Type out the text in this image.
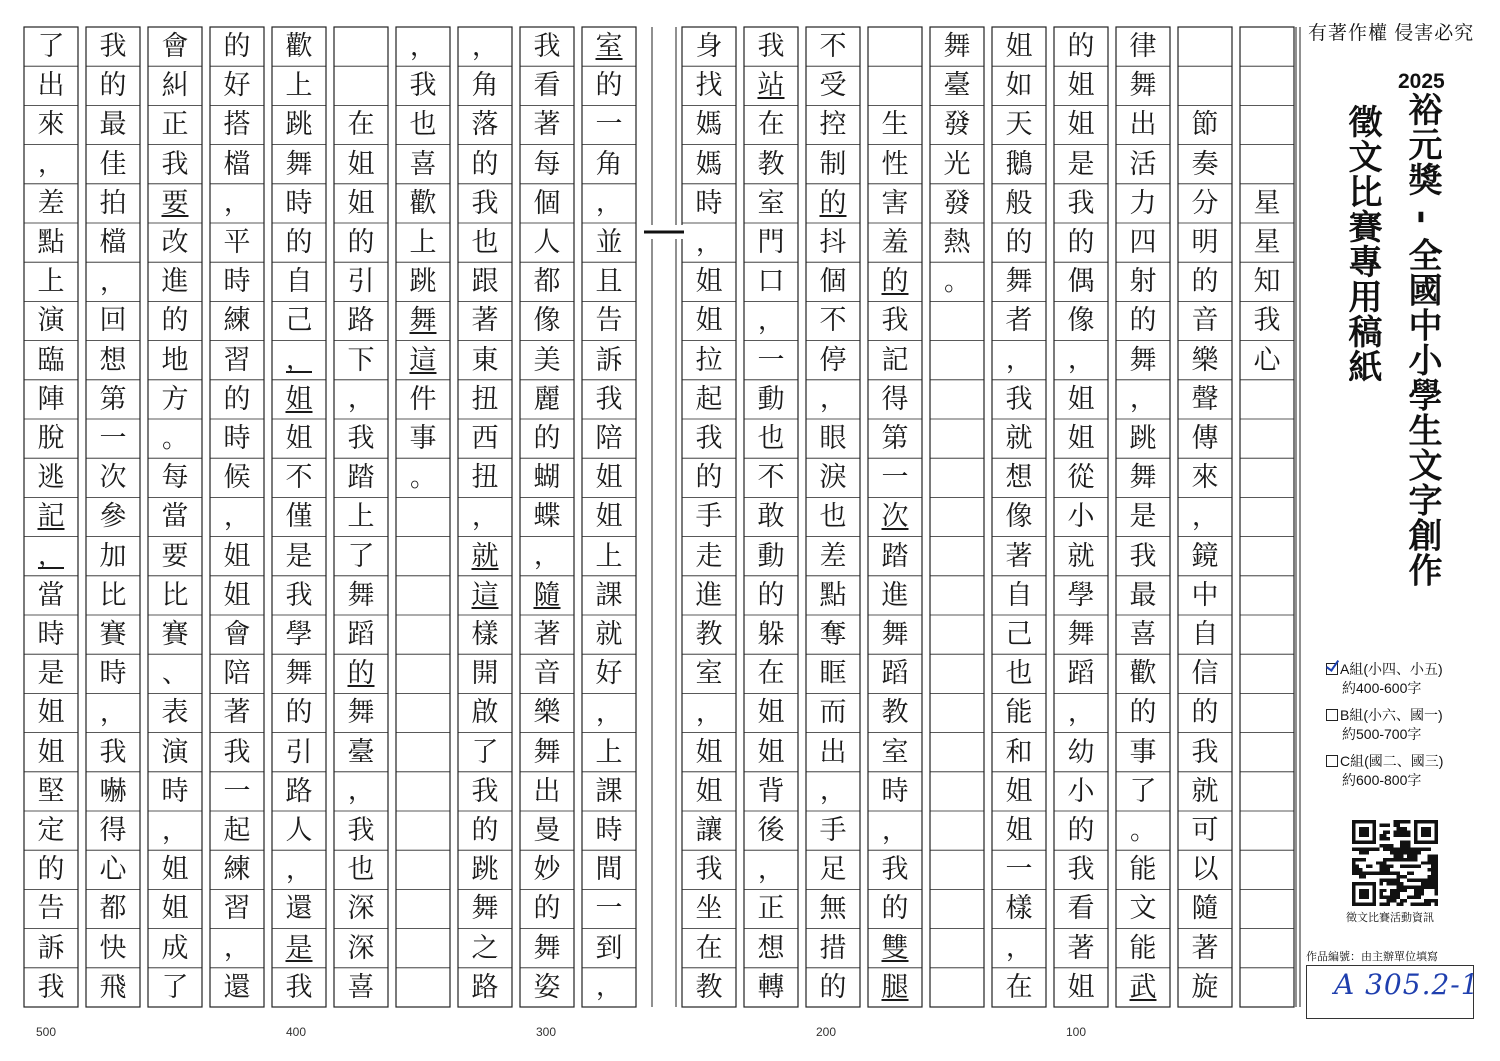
星
星
知
我
心
節
奏
分
明
的
音
樂
聲
傳
來
，
鏡
中
自
信
的
我
就
可
以
隨
著
旋
律
舞
出
活
力
四
射
的
舞
，
跳
舞
是
我
最
喜
歡
的
事
了
。
能
文
能
武
的
姐
姐
是
我
的
偶
像
，
姐
姐
從
小
就
學
舞
蹈
，
幼
小
的
我
看
著
姐
姐
如
天
鵝
般
的
舞
者
，
我
就
想
像
著
自
己
也
能
和
姐
姐
一
樣
，
在
舞
臺
發
光
發
熱
。
生
性
害
羞
的
我
記
得
第
一
次
踏
進
舞
蹈
教
室
時
，
我
的
雙
腿
不
受
控
制
的
抖
個
不
停
，
眼
淚
也
差
點
奪
眶
而
出
，
手
足
無
措
的
我
站
在
教
室
門
口
，
一
動
也
不
敢
動
的
躲
在
姐
姐
背
後
，
正
想
轉
身
找
媽
媽
時
，
姐
姐
拉
起
我
的
手
走
進
教
室
，
姐
姐
讓
我
坐
在
教
室
的
一
角
，
並
且
告
訴
我
陪
姐
姐
上
課
就
好
，
上
課
時
間
一
到
，
我
看
著
每
個
人
都
像
美
麗
的
蝴
蝶
，
隨
著
音
樂
舞
出
曼
妙
的
舞
姿
，
角
落
的
我
也
跟
著
東
扭
西
扭
，
就
這
樣
開
啟
了
我
的
跳
舞
之
路
，
我
也
喜
歡
上
跳
舞
這
件
事
。
在
姐
姐
的
引
路
下
，
我
踏
上
了
舞
蹈
的
舞
臺
，
我
也
深
深
喜
歡
上
跳
舞
時
的
自
己
，
姐
姐
不
僅
是
我
學
舞
的
引
路
人
，
還
是
我
的
好
搭
檔
，
平
時
練
習
的
時
候
，
姐
姐
會
陪
著
我
一
起
練
習
，
還
會
糾
正
我
要
改
進
的
地
方
。
每
當
要
比
賽
、
表
演
時
，
姐
姐
成
了
我
的
最
佳
拍
檔
，
回
想
第
一
次
參
加
比
賽
時
，
我
嚇
得
心
都
快
飛
了
出
來
，
差
點
上
演
臨
陣
脫
逃
記
，
當
時
是
姐
姐
堅
定
的
告
訴
我
500	400	300	200	100
有著作權 侵害必究
2025
裕元獎 - 全國中小學生文字創作
徵文比賽專用稿紙
A組(小四、小五)
約400-600字
B組(小六、國一)
約500-700字
C組(國二、國三)
約600-800字
徵文比賽活動資訊
作品編號：由主辦單位填寫
A 305.2-1
